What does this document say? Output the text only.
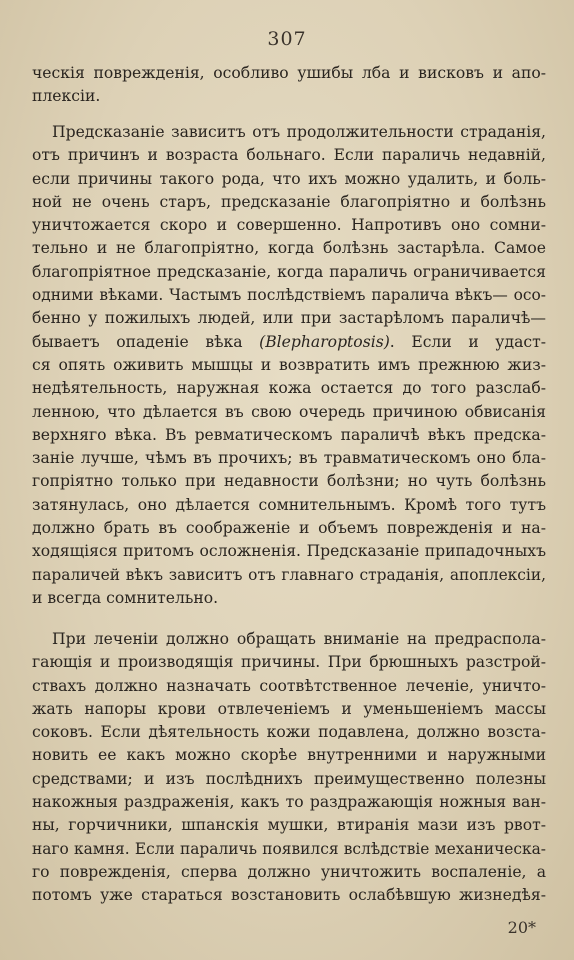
307
ческія поврежденія, особливо ушибы лба и висковъ и апо-
плексіи.
Предсказаніе зависитъ отъ продолжительности страданія,
отъ причинъ и возраста больнаго. Если параличь недавній,
если причины такого рода, что ихъ можно удалить, и боль-
ной не очень старъ, предсказаніе благопріятно и болѣзнь
уничтожается скоро и совершенно. Напротивъ оно сомни-
тельно и не благопріятно, когда болѣзнь застарѣла. Самое
благопріятное предсказаніе, когда параличь ограничивается
одними вѣками. Частымъ послѣдствіемъ паралича вѣкъ— осо-
бенно у пожилыхъ людей, или при застарѣломъ параличѣ—
бываетъ опаденіе вѣка (Blepharoptosis). Если и удаст-
ся опять оживить мышцы и возвратить имъ прежнюю жиз-
недѣятельность, наружная кожа остается до того разслаб-
ленною, что дѣлается въ свою очередь причиною обвисанія
верхняго вѣка. Въ ревматическомъ параличѣ вѣкъ предска-
заніе лучше, чѣмъ въ прочихъ; въ травматическомъ оно бла-
гопріятно только при недавности болѣзни; но чуть болѣзнь
затянулась, оно дѣлается сомнительнымъ. Кромѣ того тутъ
должно брать въ соображеніе и объемъ поврежденія и на-
ходящіяся притомъ осложненія. Предсказаніе припадочныхъ
параличей вѣкъ зависитъ отъ главнаго страданія, апоплексіи,
и всегда сомнительно.
При леченіи должно обращать вниманіе на предраспола-
гающія и производящія причины. При брюшныхъ разстрой-
ствахъ должно назначать соотвѣтственное леченіе, уничто-
жать напоры крови отвлеченіемъ и уменьшеніемъ массы
соковъ. Если дѣятельность кожи подавлена, должно возста-
новить ее какъ можно скорѣе внутренними и наружными
средствами; и изъ послѣднихъ преимущественно полезны
накожныя раздраженія, какъ то раздражающія ножныя ван-
ны, горчичники, шпанскія мушки, втиранія мази изъ рвот-
наго камня. Если параличь появился вслѣдствіе механическа-
го поврежденія, сперва должно уничтожить воспаленіе, а
потомъ уже стараться возстановить ослабѣвшую жизнедѣя-
20*
